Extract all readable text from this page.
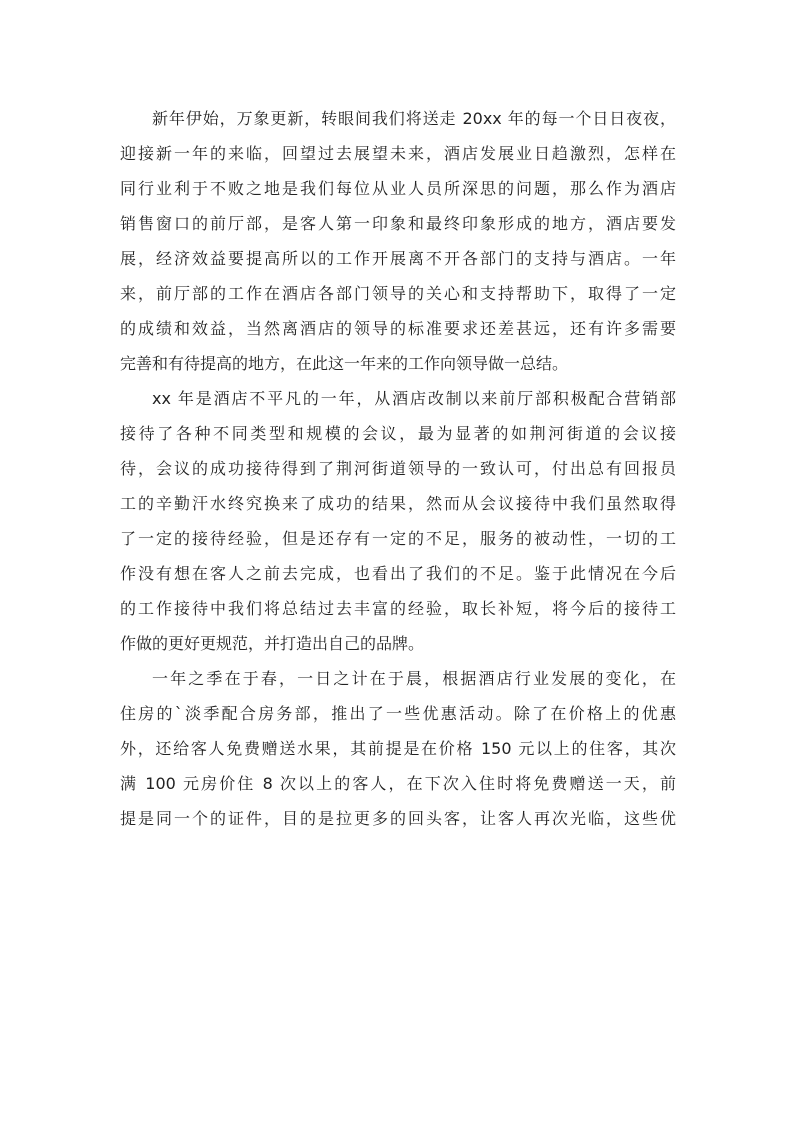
新年伊始，万象更新，转眼间我们将送走 20xx 年的每一个日日夜夜，
迎接新一年的来临，回望过去展望未来，酒店发展业日趋激烈，怎样在
同行业利于不败之地是我们每位从业人员所深思的问题，那么作为酒店
销售窗口的前厅部，是客人第一印象和最终印象形成的地方，酒店要发
展，经济效益要提高所以的工作开展离不开各部门的支持与酒店。一年
来，前厅部的工作在酒店各部门领导的关心和支持帮助下，取得了一定
的成绩和效益，当然离酒店的领导的标准要求还差甚远，还有许多需要
完善和有待提高的地方，在此这一年来的工作向领导做一总结。
xx 年是酒店不平凡的一年，从酒店改制以来前厅部积极配合营销部
接待了各种不同类型和规模的会议，最为显著的如荆河街道的会议接
待，会议的成功接待得到了荆河街道领导的一致认可，付出总有回报员
工的辛勤汗水终究换来了成功的结果，然而从会议接待中我们虽然取得
了一定的接待经验，但是还存有一定的不足，服务的被动性，一切的工
作没有想在客人之前去完成，也看出了我们的不足。鉴于此情况在今后
的工作接待中我们将总结过去丰富的经验，取长补短，将今后的接待工
作做的更好更规范，并打造出自己的品牌。
一年之季在于春，一日之计在于晨，根据酒店行业发展的变化，在
住房的`淡季配合房务部，推出了一些优惠活动。除了在价格上的优惠
外，还给客人免费赠送水果，其前提是在价格 150 元以上的住客，其次
满 100 元房价住 8 次以上的客人，在下次入住时将免费赠送一天，前
提是同一个的证件，目的是拉更多的回头客，让客人再次光临，这些优
